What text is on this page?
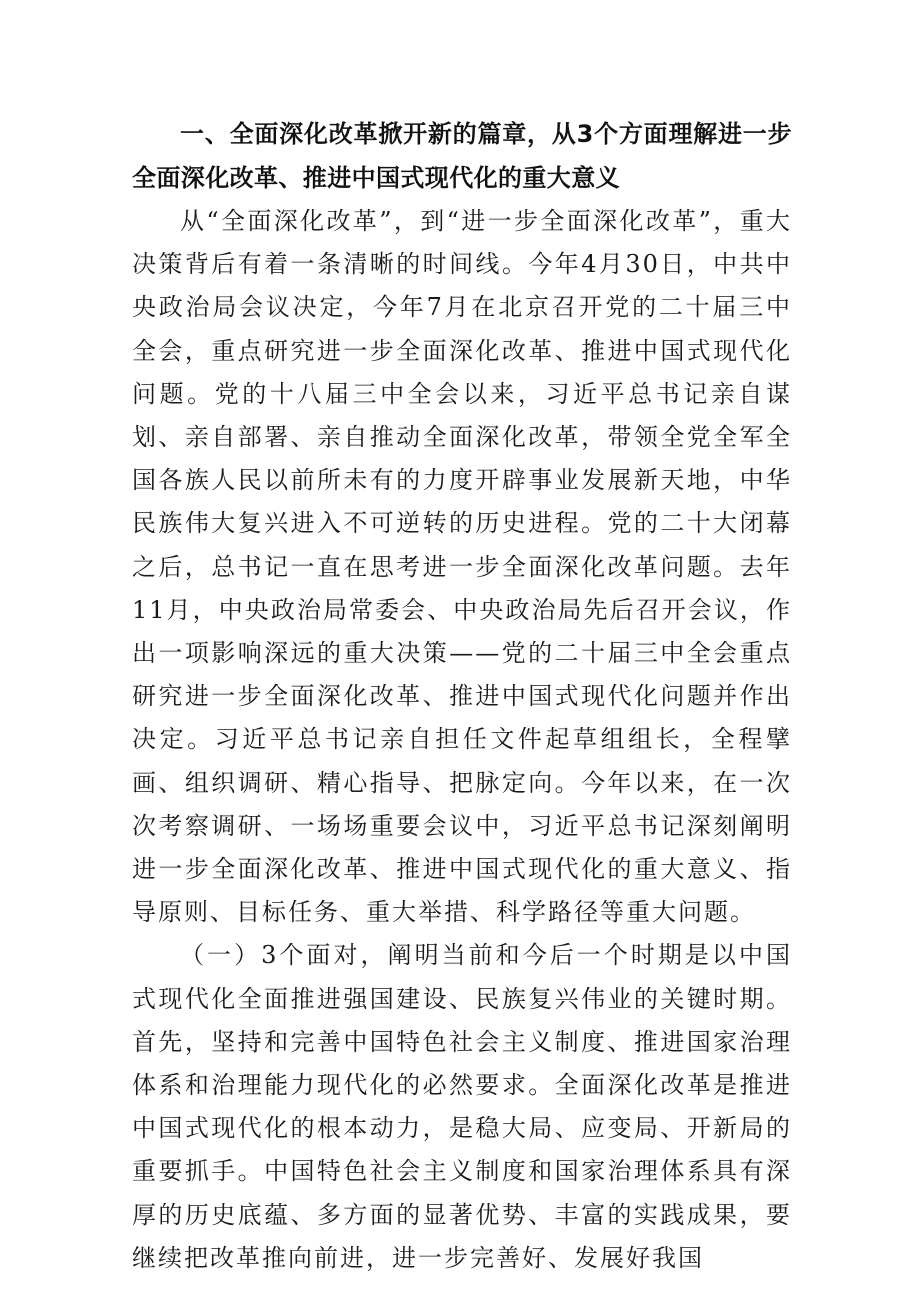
一、全面深化改革掀开新的篇章，从3个方面理解进一步全面深化改革、推进中国式现代化的重大意义

从“全面深化改革”，到“进一步全面深化改革”，重大决策背后有着一条清晰的时间线。今年4月30日，中共中央政治局会议决定，今年7月在北京召开党的二十届三中全会，重点研究进一步全面深化改革、推进中国式现代化问题。党的十八届三中全会以来，习近平总书记亲自谋划、亲自部署、亲自推动全面深化改革，带领全党全军全国各族人民以前所未有的力度开辟事业发展新天地，中华民族伟大复兴进入不可逆转的历史进程。党的二十大闭幕之后，总书记一直在思考进一步全面深化改革问题。去年11月，中央政治局常委会、中央政治局先后召开会议，作出一项影响深远的重大决策——党的二十届三中全会重点研究进一步全面深化改革、推进中国式现代化问题并作出决定。习近平总书记亲自担任文件起草组组长，全程擘画、组织调研、精心指导、把脉定向。今年以来，在一次次考察调研、一场场重要会议中，习近平总书记深刻阐明进一步全面深化改革、推进中国式现代化的重大意义、指导原则、目标任务、重大举措、科学路径等重大问题。

（一）3个面对，阐明当前和今后一个时期是以中国式现代化全面推进强国建设、民族复兴伟业的关键时期。首先，坚持和完善中国特色社会主义制度、推进国家治理体系和治理能力现代化的必然要求。全面深化改革是推进中国式现代化的根本动力，是稳大局、应变局、开新局的重要抓手。中国特色社会主义制度和国家治理体系具有深厚的历史底蕴、多方面的显著优势、丰富的实践成果，要继续把改革推向前进，进一步完善好、发展好我国
